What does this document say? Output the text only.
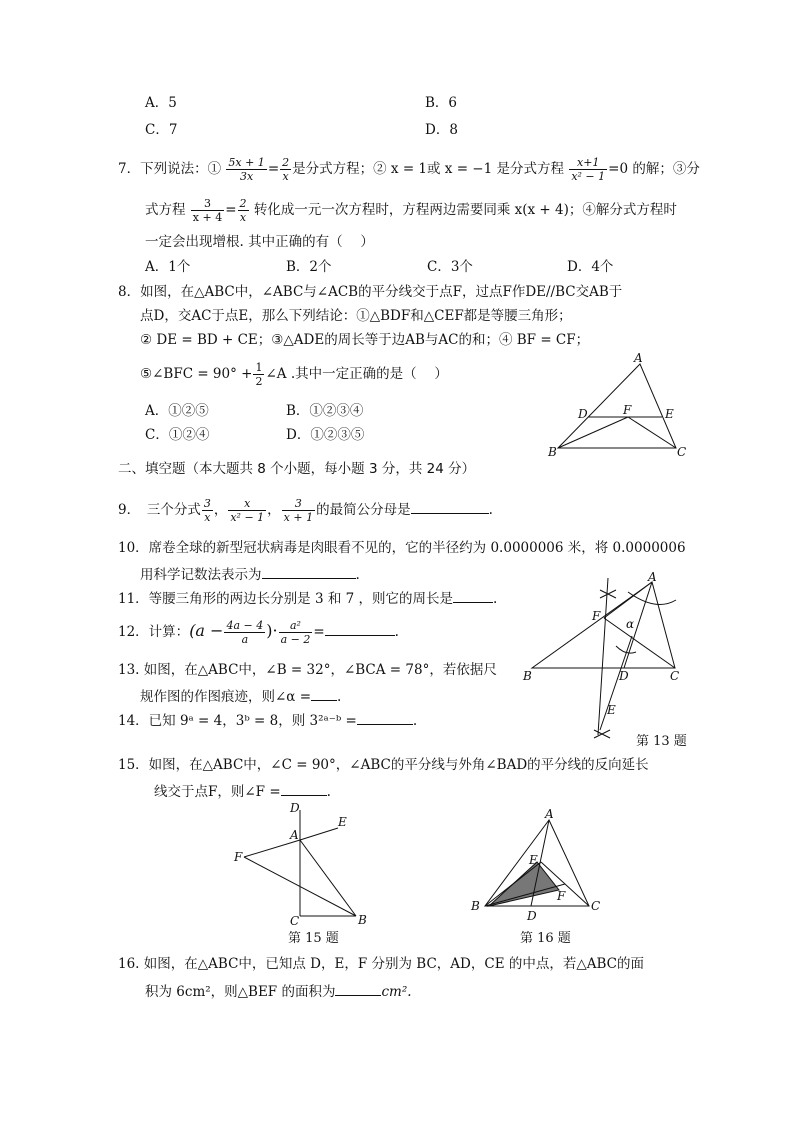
A．5	B．6
C．7	D．8
7．下列说法：① $\frac{5x + 1}{3x} = \frac{2}{x}$ 是分式方程；② x = 1或 x = −1 是分式方程 $\frac{x+1}{\text{x² − 1}} =0$ 的解；③分
式方程 $\frac{3}{x + 4} = \frac{2}{x}$ 转化成一元一次方程时，方程两边需要同乘 x(x + 4)；④解分式方程时
一定会出现增根. 其中正确的有（　 ）
A．1个	B．2个	C．3个	D．4个
8．如图，在△ABC中，∠ABC与∠ACB的平分线交于点F，过点F作DE//BC交AB于
点D，交AC于点E，那么下列结论：①△BDF和△CEF都是等腰三角形；
② DE = BD + CE；③△ADE的周长等于边AB与AC的和；④ BF = CF；
⑤∠BFC = $90^\circ + \frac{1}{2}$ ∠A .其中一定正确的是（　 ）
A．①②⑤	B．①②③④
C．①②④	D．①②③⑤
A
D	F	E
B	C
二、填空题（本大题共 8 个小题，每小题 3 分，共 24 分）
9．　三个分式 $\frac{3}{x}$ ， $\frac{x}{\text{x² − 1}}$ ， $\frac{3}{x + 1}$ 的最简公分母是	.
10．席卷全球的新型冠状病毒是肉眼看不见的，它的半径约为 0.0000006 米，将 0.0000006
用科学记数法表示为	.
11．等腰三角形的两边长分别是 3 和 7 ，则它的周长是	.
12．计算：($a - \frac{4a - 4}{a}$ )· $\frac{\text{a²}}{a - 2}$ =	.
13. 如图，在△ABC中，∠B = 32°，∠BCA = 78°，若依据尺
规作图的作图痕迹，则∠α = .
A
F
α
B	D	C
E
第 13 题
14．已知 9ᵃ = 4，3ᵇ = 8，则 3²ᵃ⁻ᵇ =	.
15．如图，在△ABC中，∠C = 90°，∠ABC的平分线与外角∠BAD的平分线的反向延长
线交于点F，则∠F =	.
D
A
E
F
C	B
第 15 题
A
E
F
B
D
C
第 16 题
16. 如图，在△ABC中，已知点 D，E，F 分别为 BC，AD，CE 的中点，若△ABC的面
积为 6cm²，则△BEF 的面积为	cm².
